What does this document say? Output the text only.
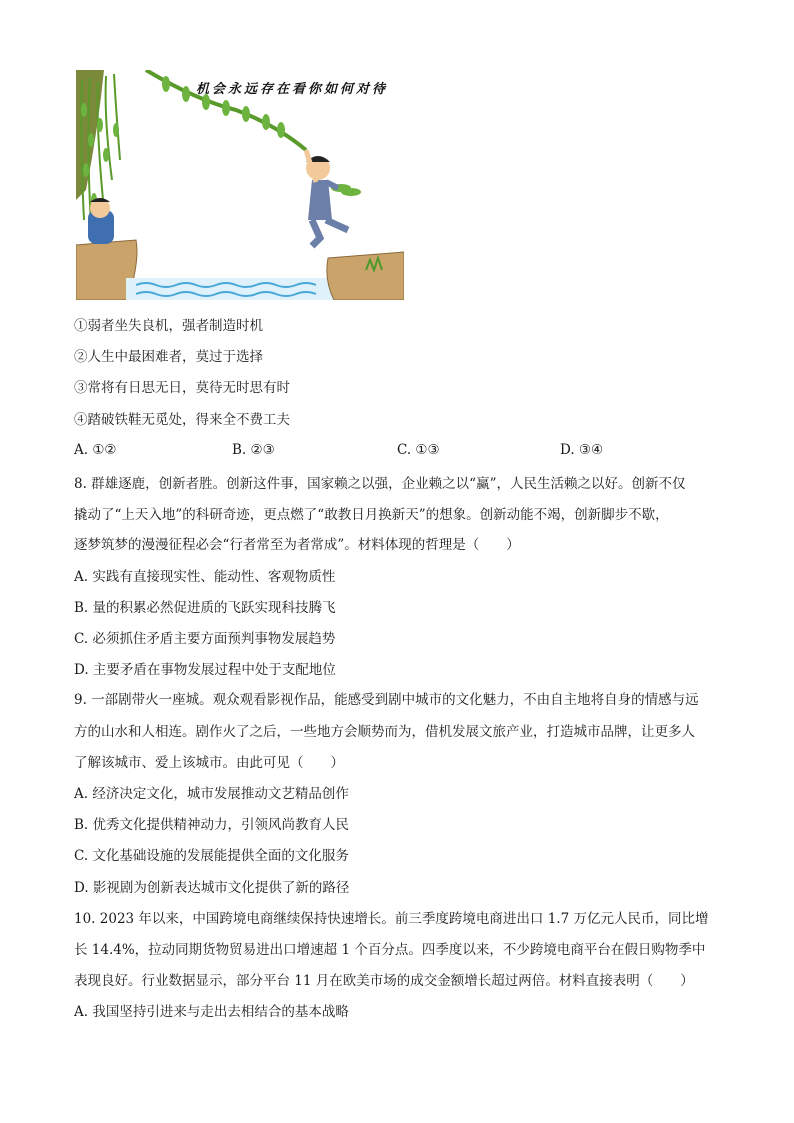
机会永远存在看你如何对待
①弱者坐失良机，强者制造时机
②人生中最困难者，莫过于选择
③常将有日思无日，莫待无时思有时
④踏破铁鞋无觅处，得来全不费工夫
A. ①②	B. ②③	C. ①③	D. ③④
8. 群雄逐鹿，创新者胜。创新这件事，国家赖之以强，企业赖之以“赢”，人民生活赖之以好。创新不仅
撬动了“上天入地”的科研奇迹，更点燃了“敢教日月换新天”的想象。创新动能不竭，创新脚步不歇，
逐梦筑梦的漫漫征程必会“行者常至为者常成”。材料体现的哲理是（　　）
A. 实践有直接现实性、能动性、客观物质性
B. 量的积累必然促进质的飞跃实现科技腾飞
C. 必须抓住矛盾主要方面预判事物发展趋势
D. 主要矛盾在事物发展过程中处于支配地位
9. 一部剧带火一座城。观众观看影视作品，能感受到剧中城市的文化魅力，不由自主地将自身的情感与远
方的山水和人相连。剧作火了之后，一些地方会顺势而为，借机发展文旅产业，打造城市品牌，让更多人
了解该城市、爱上该城市。由此可见（　　）
A. 经济决定文化，城市发展推动文艺精品创作
B. 优秀文化提供精神动力，引领风尚教育人民
C. 文化基础设施的发展能提供全面的文化服务
D. 影视剧为创新表达城市文化提供了新的路径
10. 2023 年以来，中国跨境电商继续保持快速增长。前三季度跨境电商进出口 1.7 万亿元人民币，同比增
长 14.4%，拉动同期货物贸易进出口增速超 1 个百分点。四季度以来，不少跨境电商平台在假日购物季中
表现良好。行业数据显示，部分平台 11 月在欧美市场的成交金额增长超过两倍。材料直接表明（　　）
A. 我国坚持引进来与走出去相结合的基本战略
